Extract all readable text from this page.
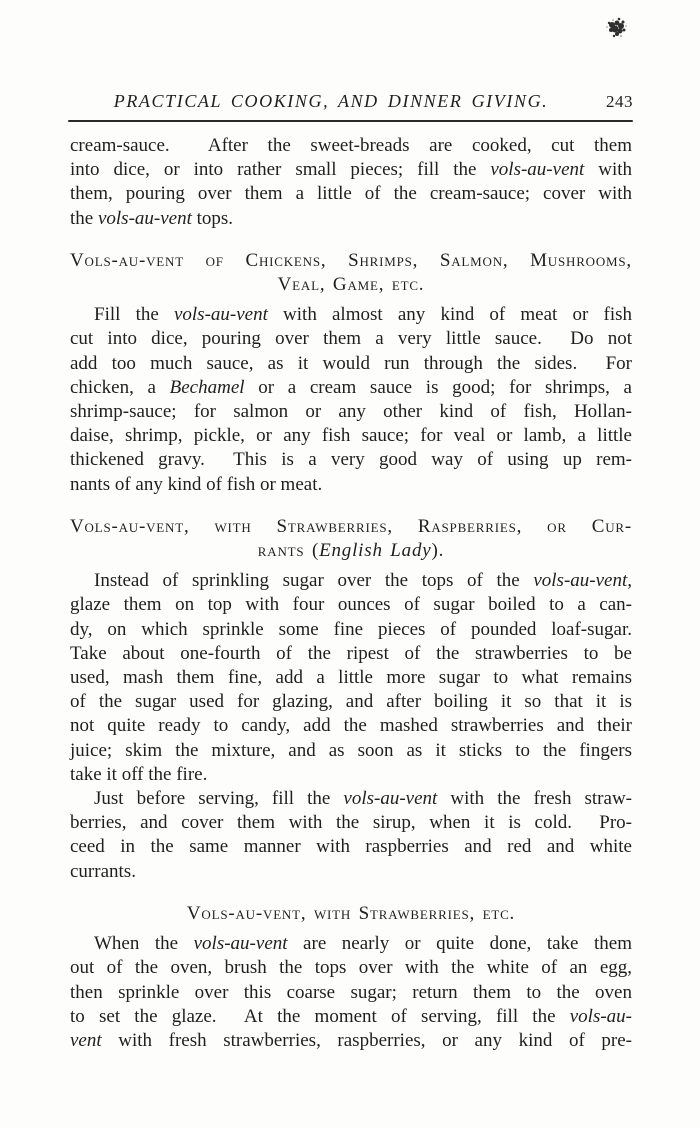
PRACTICAL COOKING, AND DINNER GIVING.	243
cream-sauce.  After the sweet-breads are cooked, cut them
into dice, or into rather small pieces; fill the vols-au-vent with
them, pouring over them a little of the cream-sauce; cover with
the vols-au-vent tops.
Vols-au-vent of Chickens, Shrimps, Salmon, Mushrooms,
Veal, Game, etc.
Fill the vols-au-vent with almost any kind of meat or fish
cut into dice, pouring over them a very little sauce.  Do not
add too much sauce, as it would run through the sides.  For
chicken, a Bechamel or a cream sauce is good; for shrimps, a
shrimp-sauce; for salmon or any other kind of fish, Hollan-
daise, shrimp, pickle, or any fish sauce; for veal or lamb, a little
thickened gravy.  This is a very good way of using up rem-
nants of any kind of fish or meat.
Vols-au-vent, with Strawberries, Raspberries, or Cur-
rants (English Lady).
Instead of sprinkling sugar over the tops of the vols-au-vent,
glaze them on top with four ounces of sugar boiled to a can-
dy, on which sprinkle some fine pieces of pounded loaf-sugar.
Take about one-fourth of the ripest of the strawberries to be
used, mash them fine, add a little more sugar to what remains
of the sugar used for glazing, and after boiling it so that it is
not quite ready to candy, add the mashed strawberries and their
juice; skim the mixture, and as soon as it sticks to the fingers
take it off the fire.
Just before serving, fill the vols-au-vent with the fresh straw-
berries, and cover them with the sirup, when it is cold.  Pro-
ceed in the same manner with raspberries and red and white
currants.
Vols-au-vent, with Strawberries, etc.
When the vols-au-vent are nearly or quite done, take them
out of the oven, brush the tops over with the white of an egg,
then sprinkle over this coarse sugar; return them to the oven
to set the glaze.  At the moment of serving, fill the vols-au-
vent with fresh strawberries, raspberries, or any kind of pre-
